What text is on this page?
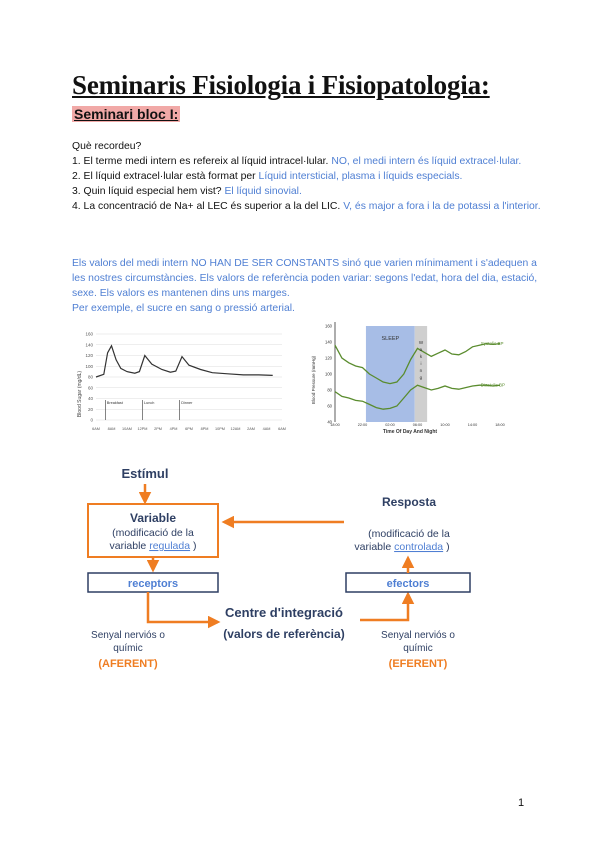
Seminaris Fisiologia i Fisiopatologia:
Seminari bloc I:

Què recordeu?

1. El terme medi intern es refereix al líquid intracel·lular. NO, el medi intern és líquid extracel·lular.

2. El líquid extracel·lular està format per Líquid intersticial, plasma i líquids especials.

3. Quin líquid especial hem vist? El líquid sinovial.

4. La concentració de Na+ al LEC és superior a la del LIC. V, és major a fora i la de potassi a l'interior.

Els valors del medi intern NO HAN DE SER CONSTANTS sinó que varien mínimament i s'adequen a les nostres circumstàncies. Els valors de referència poden variar: segons l'edat, hora del dia, estació, sexe. Els valors es mantenen dins uns marges.

Per exemple, el sucre en sang o pressió arterial.

160
140
120
100
80
60
40
20
0
6AM 8AM 10AM 12PM 2PM 4PM 6PM 8PM 10PM 12AM 2AM 4AM 6AM
Breakfast	Lunch	Dinner
Blood Sugar (mg/dL)
160
140
120
100
80
60
40
18:00	22:00	02:00	06:00	10:00	14:00	18:00
SLEEP
W
a
k
i
n
g
Systolic BP
Diastolic BP
Blood Pressure (mmHg)
Time Of Day And Night
Estímul
Variable
(modificació de la
variable regulada )
receptors
Centre d'integració
(valors de referència)
efectors
Resposta
(modificació de la
variable controlada )
Senyal nerviós o
químic
(AFERENT)
Senyal nerviós o
químic
(EFERENT)
1
